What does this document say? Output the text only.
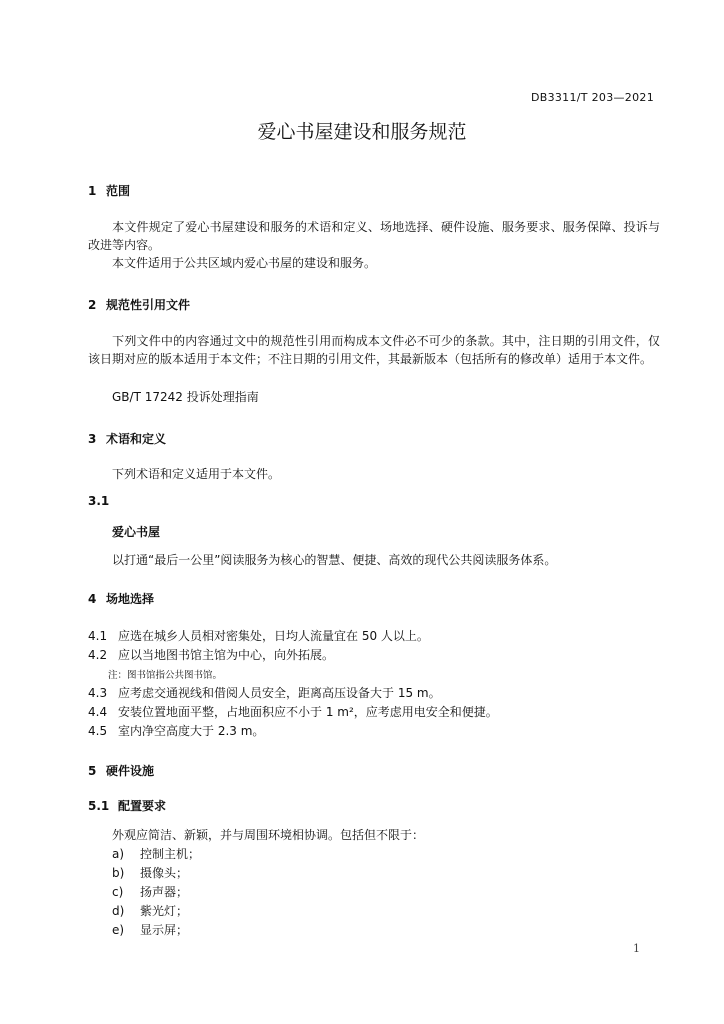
DB3311/T 203—2021
爱心书屋建设和服务规范
1 范围
本文件规定了爱心书屋建设和服务的术语和定义、场地选择、硬件设施、服务要求、服务保障、投诉与改进等内容。
本文件适用于公共区域内爱心书屋的建设和服务。
2 规范性引用文件
下列文件中的内容通过文中的规范性引用而构成本文件必不可少的条款。其中，注日期的引用文件，仅该日期对应的版本适用于本文件；不注日期的引用文件，其最新版本（包括所有的修改单）适用于本文件。
GB/T 17242 投诉处理指南
3 术语和定义
下列术语和定义适用于本文件。
3.1
爱心书屋
以打通“最后一公里”阅读服务为核心的智慧、便捷、高效的现代公共阅读服务体系。
4 场地选择
4.1 应选在城乡人员相对密集处，日均人流量宜在 50 人以上。
4.2 应以当地图书馆主馆为中心，向外拓展。
注：图书馆指公共图书馆。
4.3 应考虑交通视线和借阅人员安全，距离高压设备大于 15 m。
4.4 安装位置地面平整，占地面积应不小于 1 m²，应考虑用电安全和便捷。
4.5 室内净空高度大于 2.3 m。
5 硬件设施
5.1 配置要求
外观应简洁、新颖，并与周围环境相协调。包括但不限于：
a) 控制主机；
b) 摄像头；
c) 扬声器；
d) 紫光灯；
e) 显示屏；
1
